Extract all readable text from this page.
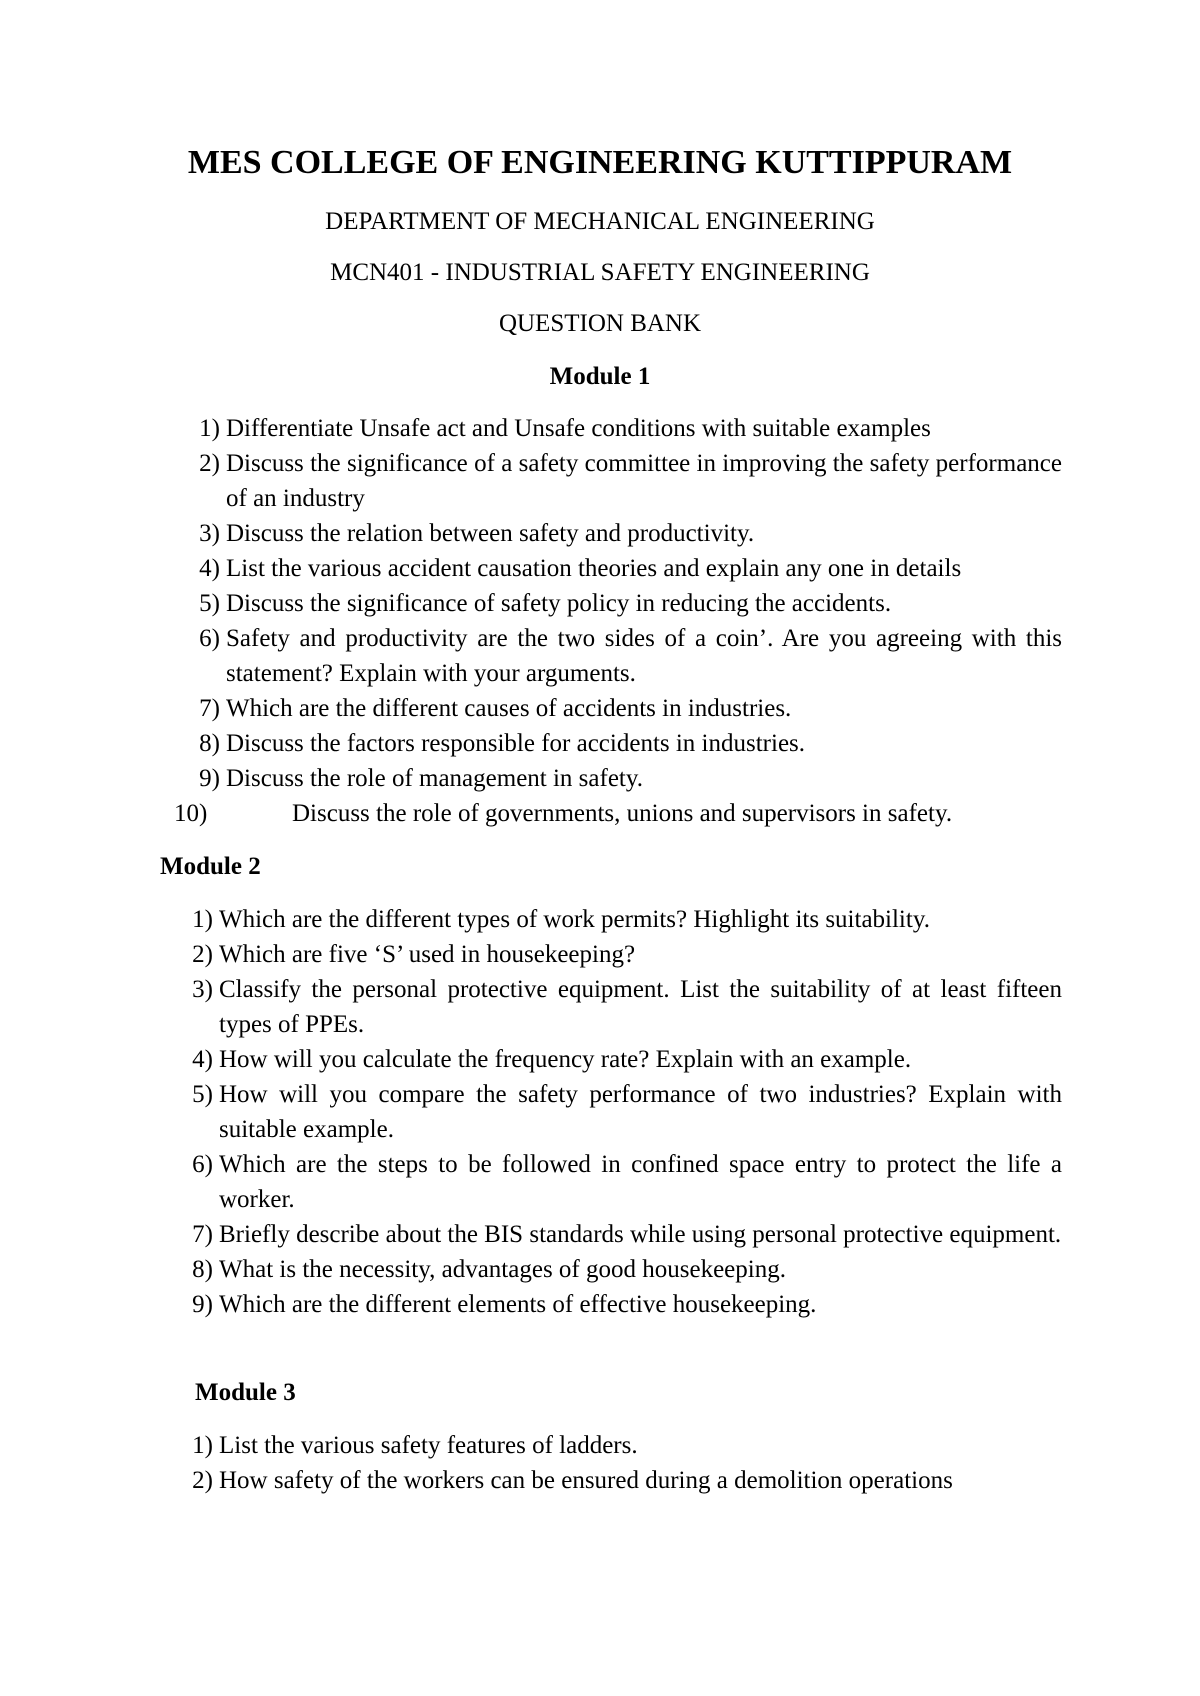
MES COLLEGE OF ENGINEERING KUTTIPPURAM
DEPARTMENT OF MECHANICAL ENGINEERING
MCN401 - INDUSTRIAL SAFETY ENGINEERING
QUESTION BANK
Module 1
1) Differentiate Unsafe act and Unsafe conditions with suitable examples
2) Discuss the significance of a safety committee in improving the safety performance of an industry
3) Discuss the relation between safety and productivity.
4) List the various accident causation theories and explain any one in details
5) Discuss the significance of safety policy in reducing the accidents.
6) Safety and productivity are the two sides of a coin’. Are you agreeing with this statement? Explain with your arguments.
7) Which are the different causes of accidents in industries.
8) Discuss the factors responsible for accidents in industries.
9) Discuss the role of management in safety.
10)	Discuss the role of governments, unions and supervisors in safety.
Module 2
1) Which are the different types of work permits? Highlight its suitability.
2) Which are five ‘S’ used in housekeeping?
3) Classify the personal protective equipment. List the suitability of at least fifteen types of PPEs.
4) How will you calculate the frequency rate? Explain with an example.
5) How will you compare the safety performance of two industries? Explain with suitable example.
6) Which are the steps to be followed in confined space entry to protect the life a worker.
7) Briefly describe about the BIS standards while using personal protective equipment.
8) What is the necessity, advantages of good housekeeping.
9) Which are the different elements of effective housekeeping.
Module 3
1) List the various safety features of ladders.
2) How safety of the workers can be ensured during a demolition operations
